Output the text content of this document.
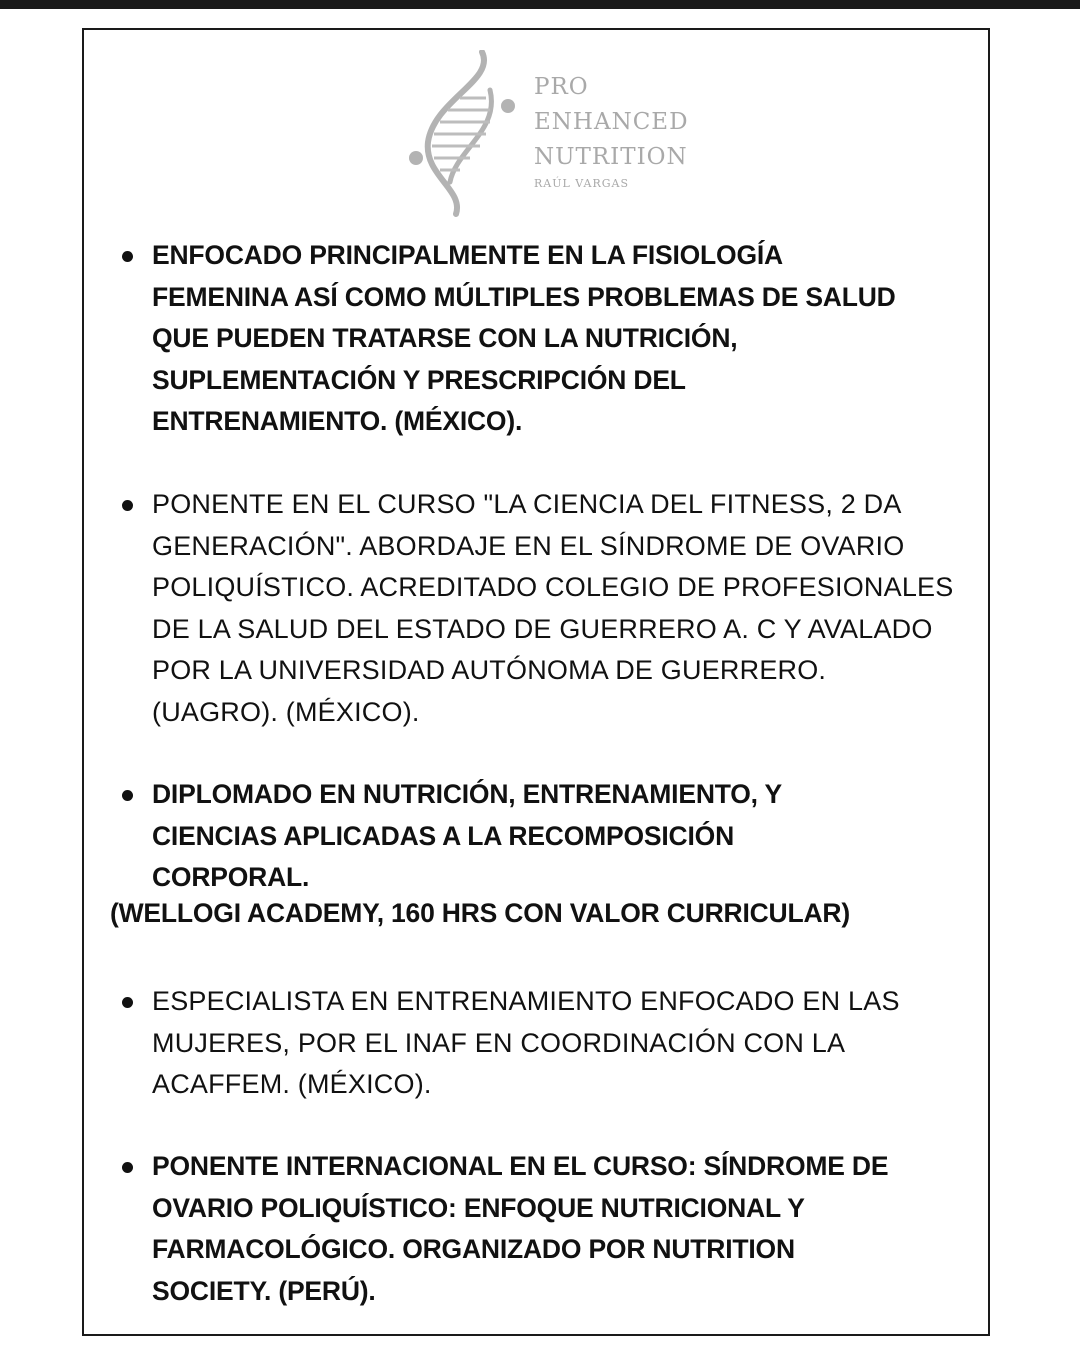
PRO
ENHANCED
NUTRITION
RAÚL VARGAS
ENFOCADO PRINCIPALMENTE EN LA FISIOLOGÍA
FEMENINA ASÍ COMO MÚLTIPLES PROBLEMAS DE SALUD
QUE PUEDEN TRATARSE CON LA NUTRICIÓN,
SUPLEMENTACIÓN Y PRESCRIPCIÓN DEL
ENTRENAMIENTO. (MÉXICO).
PONENTE EN EL CURSO "LA CIENCIA DEL FITNESS, 2 DA
GENERACIÓN". ABORDAJE EN EL SÍNDROME DE OVARIO
POLIQUÍSTICO. ACREDITADO COLEGIO DE PROFESIONALES
DE LA SALUD DEL ESTADO DE GUERRERO A. C Y AVALADO
POR LA UNIVERSIDAD AUTÓNOMA DE GUERRERO.
(UAGRO). (MÉXICO).
DIPLOMADO EN NUTRICIÓN, ENTRENAMIENTO, Y
CIENCIAS APLICADAS A LA RECOMPOSICIÓN
CORPORAL.
(WELLOGI ACADEMY, 160 HRS CON VALOR CURRICULAR)
ESPECIALISTA EN ENTRENAMIENTO ENFOCADO EN LAS
MUJERES, POR EL INAF EN COORDINACIÓN CON LA
ACAFFEM. (MÉXICO).
PONENTE INTERNACIONAL EN EL CURSO: SÍNDROME DE
OVARIO POLIQUÍSTICO: ENFOQUE NUTRICIONAL Y
FARMACOLÓGICO. ORGANIZADO POR NUTRITION
SOCIETY. (PERÚ).
